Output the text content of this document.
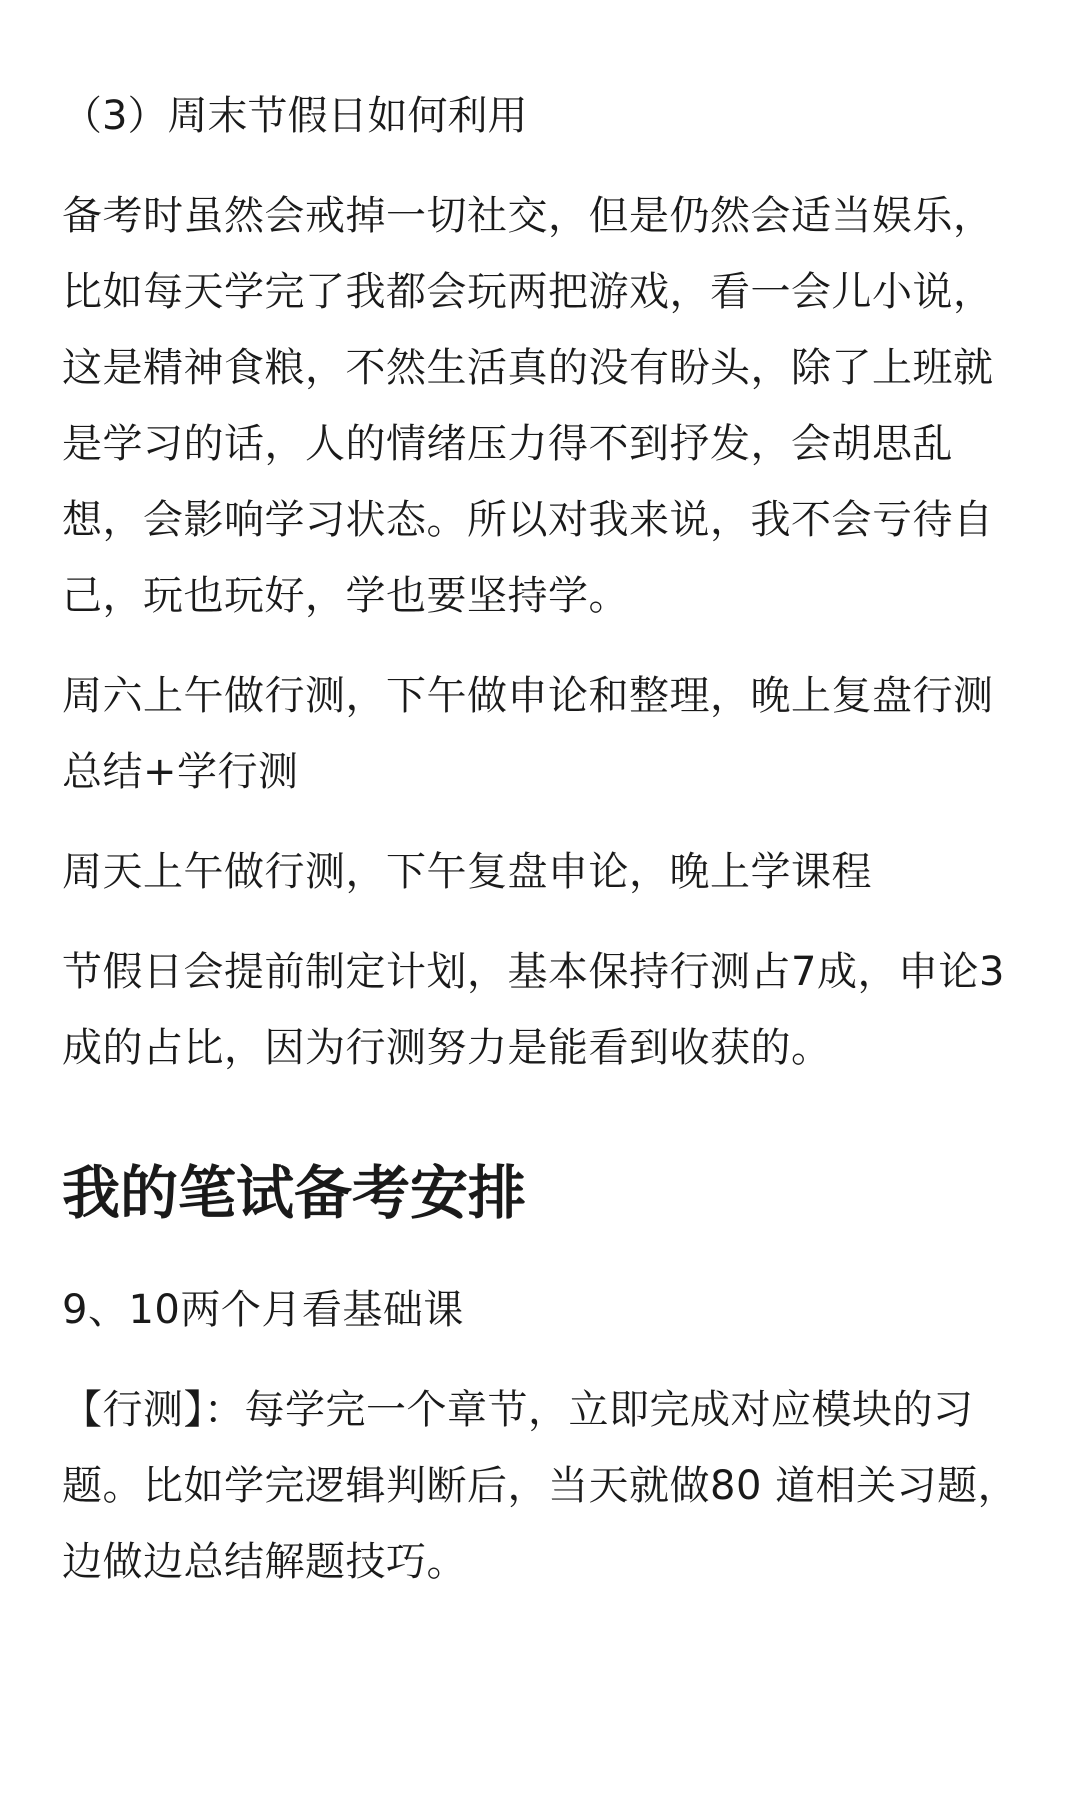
（3）周末节假日如何利用

备考时虽然会戒掉一切社交，但是仍然会适当娱乐，比如每天学完了我都会玩两把游戏，看一会儿小说，这是精神食粮，不然生活真的没有盼头，除了上班就是学习的话，人的情绪压力得不到抒发，会胡思乱想，会影响学习状态。所以对我来说，我不会亏待自己，玩也玩好，学也要坚持学。

周六上午做行测，下午做申论和整理，晚上复盘行测总结+学行测

周天上午做行测，下午复盘申论，晚上学课程

节假日会提前制定计划，基本保持行测占7成，申论3成的占比，因为行测努力是能看到收获的。

我的笔试备考安排

9、10两个月看基础课

【行测】：每学完一个章节，立即完成对应模块的习题。比如学完逻辑判断后，当天就做80 道相关习题，边做边总结解题技巧。
